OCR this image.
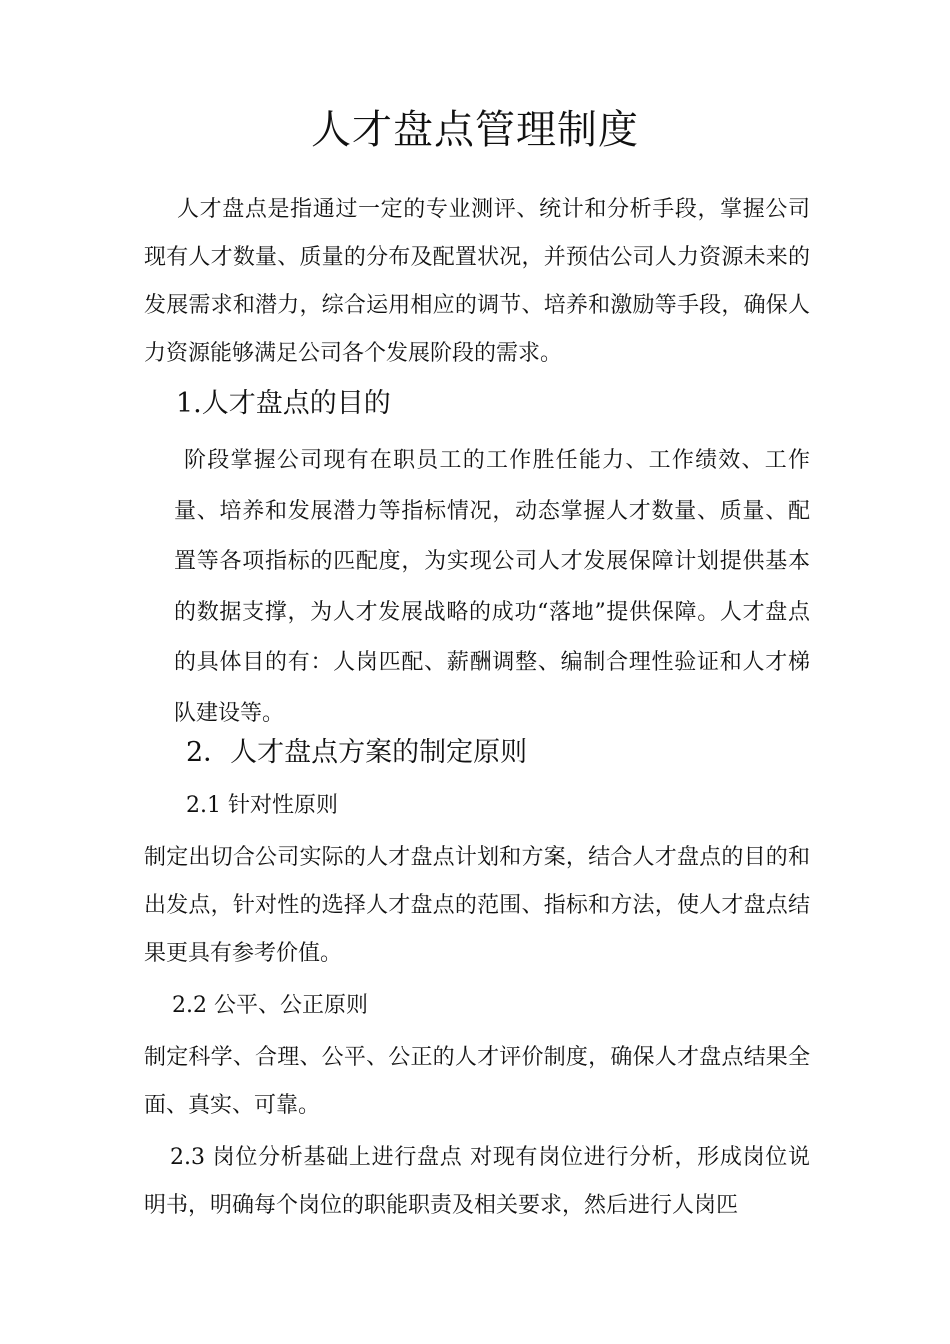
人才盘点管理制度
人才盘点是指通过一定的专业测评、统计和分析手段，掌握公司现有人才数量、质量的分布及配置状况，并预估公司人力资源未来的发展需求和潜力，综合运用相应的调节、培养和激励等手段，确保人力资源能够满足公司各个发展阶段的需求。
1.人才盘点的目的
阶段掌握公司现有在职员工的工作胜任能力、工作绩效、工作量、培养和发展潜力等指标情况，动态掌握人才数量、质量、配置等各项指标的匹配度，为实现公司人才发展保障计划提供基本的数据支撑，为人才发展战略的成功“落地”提供保障。人才盘点的具体目的有：人岗匹配、薪酬调整、编制合理性验证和人才梯队建设等。
2．人才盘点方案的制定原则
2.1 针对性原则
制定出切合公司实际的人才盘点计划和方案，结合人才盘点的目的和出发点，针对性的选择人才盘点的范围、指标和方法，使人才盘点结果更具有参考价值。
2.2 公平、公正原则
制定科学、合理、公平、公正的人才评价制度，确保人才盘点结果全面、真实、可靠。
2.3 岗位分析基础上进行盘点 对现有岗位进行分析，形成岗位说明书，明确每个岗位的职能职责及相关要求，然后进行人岗匹
